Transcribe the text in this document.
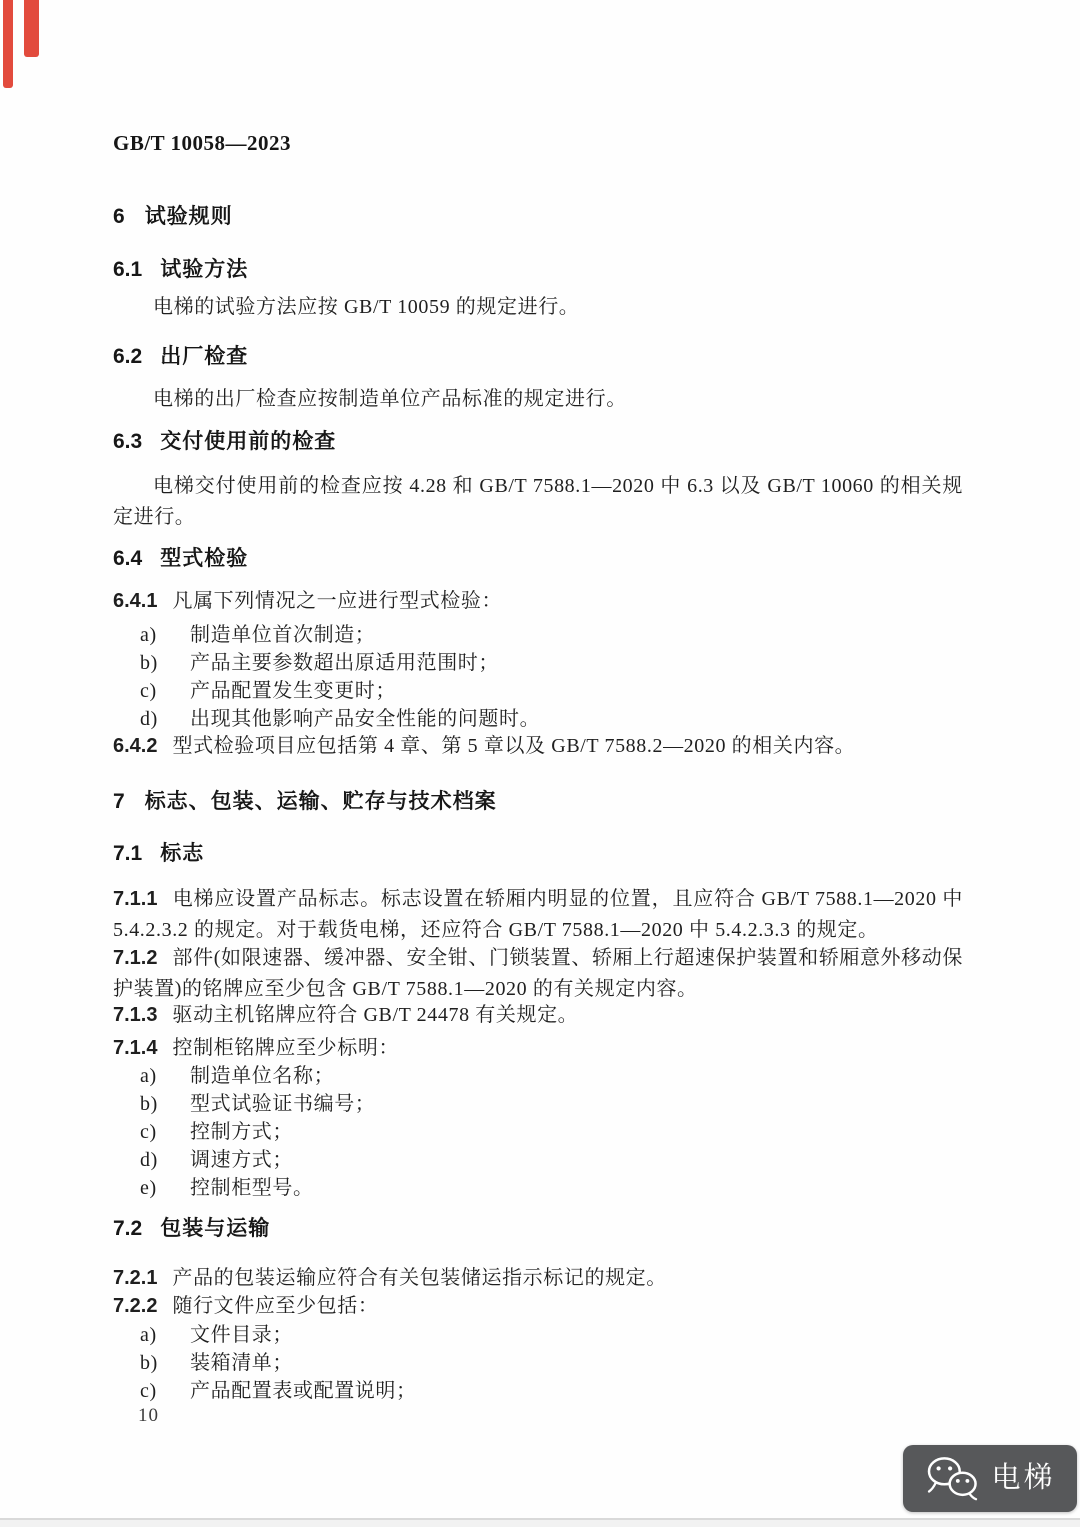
GB/T 10058—2023
6 试验规则
6.1 试验方法
电梯的试验方法应按 GB/T 10059 的规定进行。
6.2 出厂检查
电梯的出厂检查应按制造单位产品标准的规定进行。
6.3 交付使用前的检查
电梯交付使用前的检查应按 4.28 和 GB/T 7588.1—2020 中 6.3 以及 GB/T 10060 的相关规定进行。
6.4 型式检验
6.4.1 凡属下列情况之一应进行型式检验：
a) 制造单位首次制造；
b) 产品主要参数超出原适用范围时；
c) 产品配置发生变更时；
d) 出现其他影响产品安全性能的问题时。
6.4.2 型式检验项目应包括第 4 章、第 5 章以及 GB/T 7588.2—2020 的相关内容。
7 标志、包装、运输、贮存与技术档案
7.1 标志
7.1.1 电梯应设置产品标志。标志设置在轿厢内明显的位置，且应符合 GB/T 7588.1—2020 中 5.4.2.3.2 的规定。对于载货电梯，还应符合 GB/T 7588.1—2020 中 5.4.2.3.3 的规定。
7.1.2 部件(如限速器、缓冲器、安全钳、门锁装置、轿厢上行超速保护装置和轿厢意外移动保护装置)的铭牌应至少包含 GB/T 7588.1—2020 的有关规定内容。
7.1.3 驱动主机铭牌应符合 GB/T 24478 有关规定。
7.1.4 控制柜铭牌应至少标明：
a) 制造单位名称；
b) 型式试验证书编号；
c) 控制方式；
d) 调速方式；
e) 控制柜型号。
7.2 包装与运输
7.2.1 产品的包装运输应符合有关包装储运指示标记的规定。
7.2.2 随行文件应至少包括：
a) 文件目录；
b) 装箱清单；
c) 产品配置表或配置说明；
10
电梯
